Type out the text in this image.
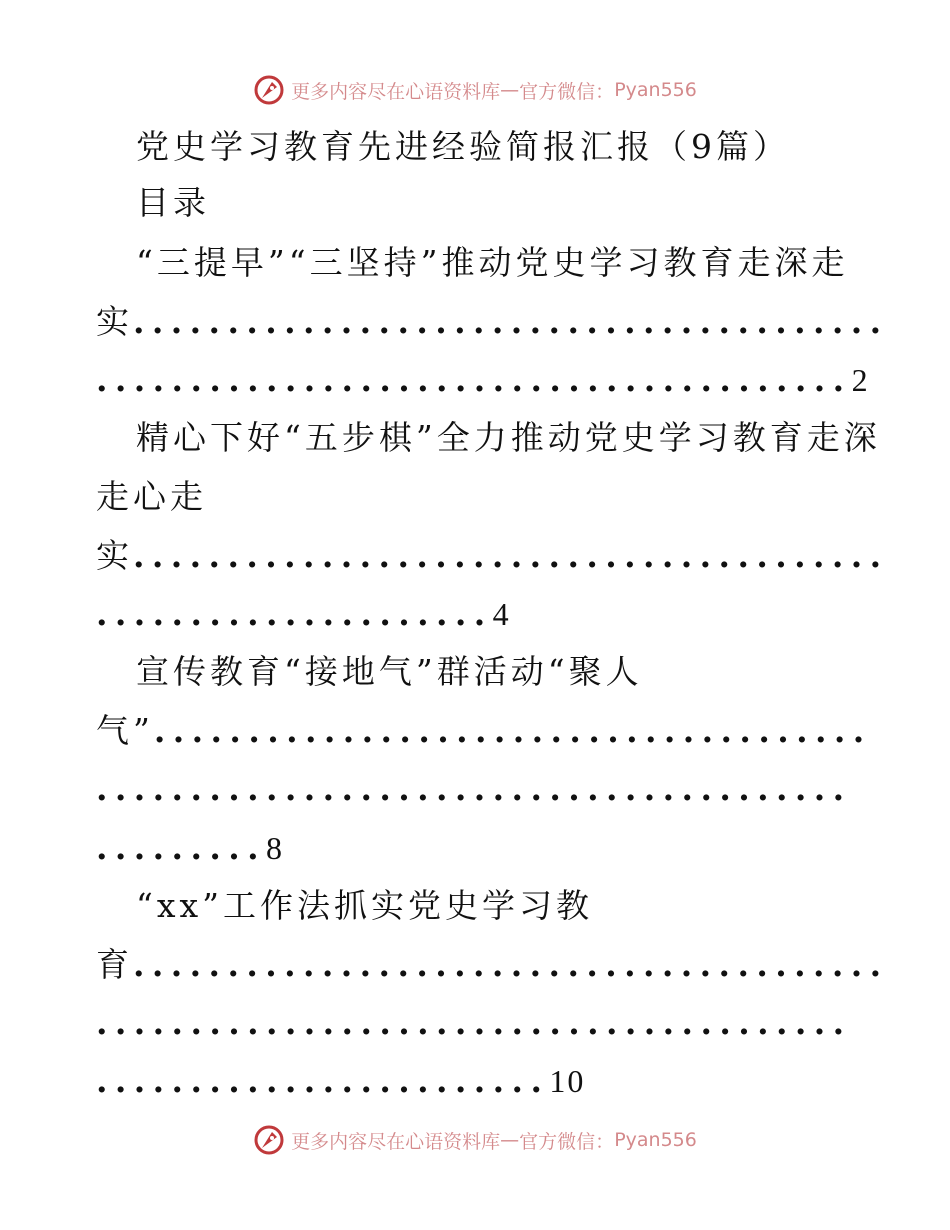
更多内容尽在心语资料库 — 官方微信： Pyan556
党史学习教育先进经验简报汇报（9篇）
目录
“三提早”“三坚持”推动党史学习教育走深走
实........................................
........................................2
精心下好“五步棋”全力推动党史学习教育走深
走心走
实........................................
.....................4
宣传教育“接地气”群活动“聚人
气”......................................
........................................
.........8
“xx”工作法抓实党史学习教
育........................................
........................................
........................10
更多内容尽在心语资料库 — 官方微信： Pyan556
